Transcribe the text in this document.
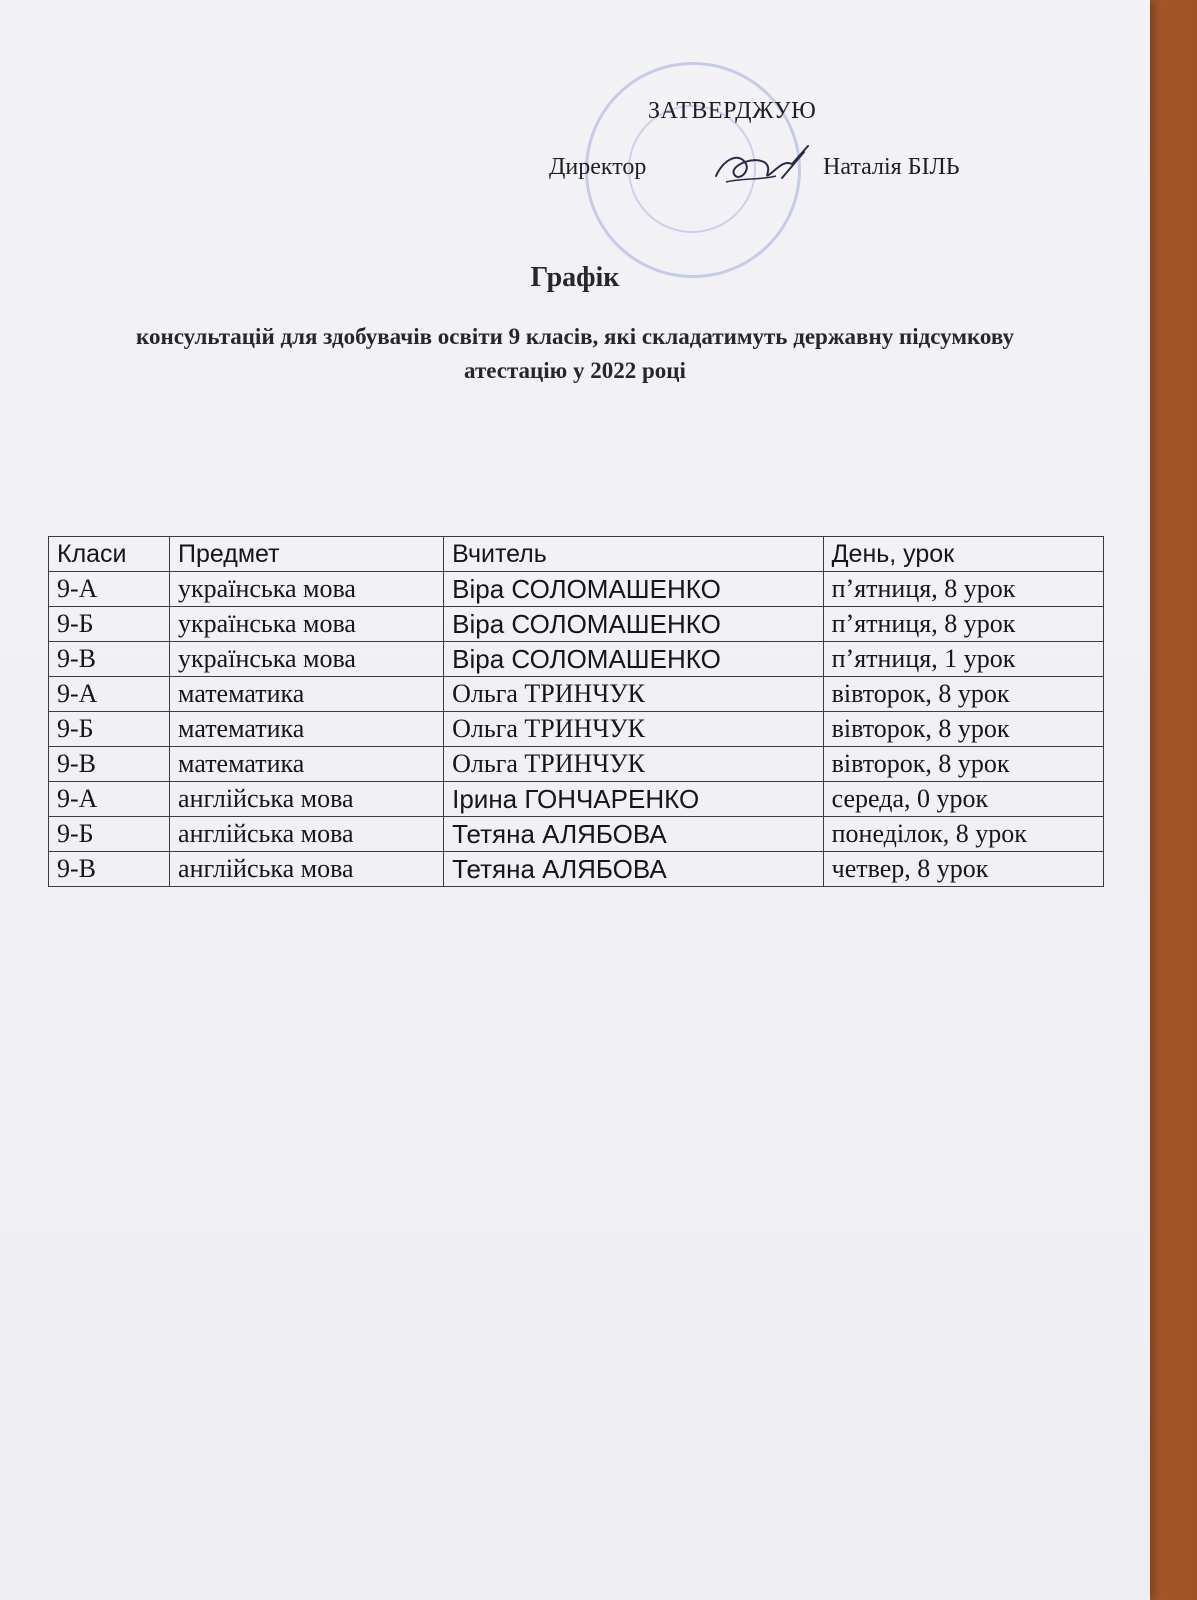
ЗАТВЕРДЖУЮ
Директор	Наталія БІЛЬ
Графік
консультацій для здобувачів освіти 9 класів, які складатимуть державну підсумкову атестацію у 2022 році
Класи	Предмет	Вчитель	День, урок
9-А	українська мова	Віра СОЛОМАШЕНКО	п’ятниця, 8 урок
9-Б	українська мова	Віра СОЛОМАШЕНКО	п’ятниця, 8 урок
9-В	українська мова	Віра СОЛОМАШЕНКО	п’ятниця, 1 урок
9-А	математика	Ольга ТРИНЧУК	вівторок, 8 урок
9-Б	математика	Ольга ТРИНЧУК	вівторок, 8 урок
9-В	математика	Ольга ТРИНЧУК	вівторок, 8 урок
9-А	англійська мова	Ірина ГОНЧАРЕНКО	середа, 0 урок
9-Б	англійська мова	Тетяна АЛЯБОВА	понеділок, 8 урок
9-В	англійська мова	Тетяна АЛЯБОВА	четвер, 8 урок
